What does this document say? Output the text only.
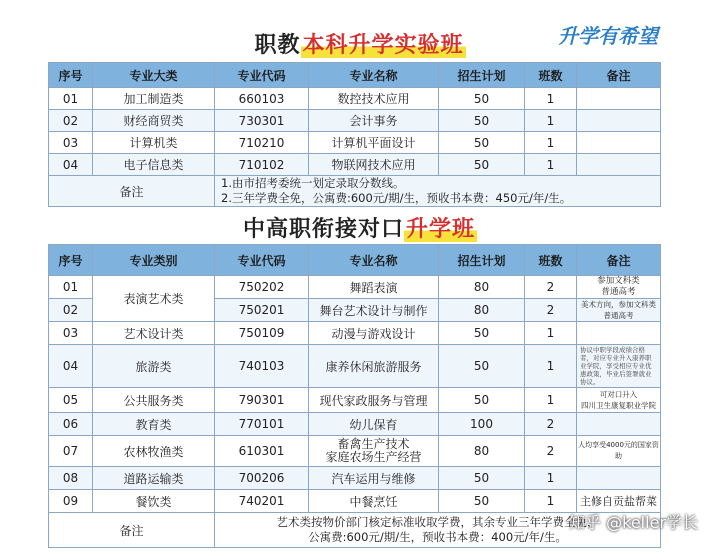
职教本科升学实验班	升学有希望
序号	专业大类	专业代码	专业名称	招生计划	班数	备注
01	加工制造类	660103	数控技术应用	50	1	
02	财经商贸类	730301	会计事务	50	1	
03	计算机类	710210	计算机平面设计	50	1	
04	电子信息类	710102	物联网技术应用	50	1	
备注		1.由市招考委统一划定录取分数线。
2.三年学费全免，公寓费:600元/期/生，预收书本费：450元/年/生。				
中高职衔接对口升学班
序号	专业类别	专业代码	专业名称	招生计划	班数	备注
01	表演艺术类	750202	舞蹈表演	80	2	参加文科类
普通高考
02		750201	舞台艺术设计与制作	80	2	美术方向，参加文科类
普通高考
03	艺术设计类	750109	动漫与游戏设计	50	1	
04	旅游类	740103	康养休闲旅游服务	50	1	协议中职学段成绩合格者，对应专业升入康养职业学院，享受相应专业优惠政策，毕业后签署就业协议。
05	公共服务类	790301	现代家政服务与管理	50	1	可对口升入
四川卫生康复职业学院
06	教育类	770101	幼儿保育	100	2	
07	农林牧渔类	610301	畜禽生产技术
家庭农场生产经营	80	2	人均享受4000元的国家资助
08	道路运输类	700206	汽车运用与维修	50	1	
09	餐饮类	740201	中餐烹饪	50	1	主修自贡盐帮菜
备注		艺术类按物价部门核定标准收取学费，其余专业三年学费全免，
公寓费:600元/期/生，预收书本费：400元/年/生。				
知乎 @keller学长
